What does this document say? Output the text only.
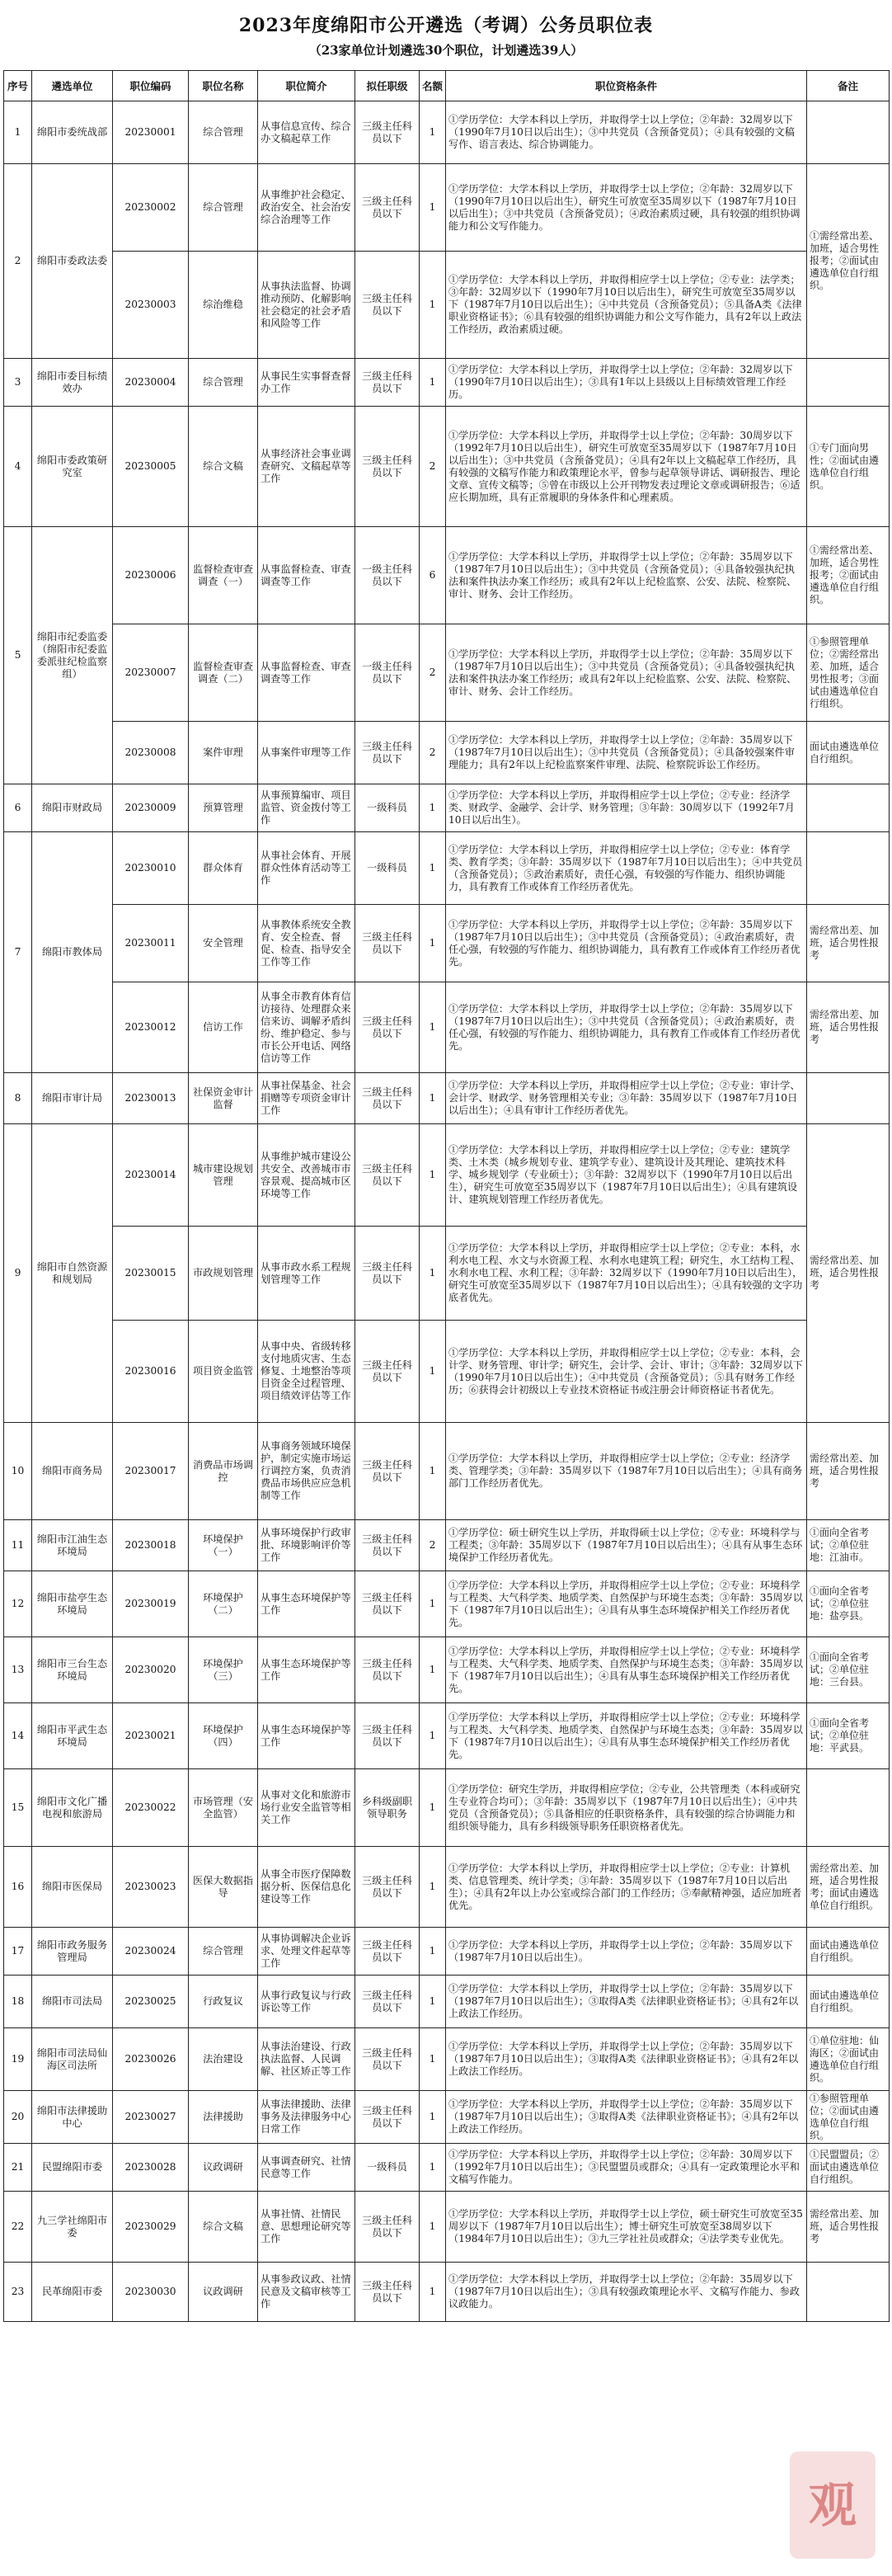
2023年度绵阳市公开遴选（考调）公务员职位表
（23家单位计划遴选30个职位，计划遴选39人）
序号	遴选单位	职位编码	职位名称	职位简介	拟任职级	名额	职位资格条件	备注
1	绵阳市委统战部	20230001	综合管理	从事信息宣传、综合办文稿起草工作	三级主任科员以下	1	①学历学位：大学本科以上学历，并取得学士以上学位；②年龄：32周岁以下（1990年7月10日以后出生）；③中共党员（含预备党员）；④具有较强的文稿写作、语言表达、综合协调能力。	
2	绵阳市委政法委	20230002	综合管理	从事维护社会稳定、政治安全、社会治安综合治理等工作	三级主任科员以下	1	①学历学位：大学本科以上学历，并取得学士以上学位；②年龄：32周岁以下（1990年7月10日以后出生），研究生可放宽至35周岁以下（1987年7月10日以后出生）；③中共党员（含预备党员）；④政治素质过硬，具有较强的组织协调能力和公文写作能力。	①需经常出差、加班，适合男性报考；②面试由遴选单位自行组织。
		20230003	综治维稳	从事执法监督、协调推动预防、化解影响社会稳定的社会矛盾和风险等工作	三级主任科员以下	1	①学历学位：大学本科以上学历，并取得相应学士以上学位；②专业：法学类；③年龄：32周岁以下（1990年7月10日以后出生），研究生可放宽至35周岁以下（1987年7月10日以后出生）；④中共党员（含预备党员）；⑤具备A类《法律职业资格证书》；⑥具有较强的组织协调能力和公文写作能力，具有2年以上政法工作经历，政治素质过硬。	
3	绵阳市委目标绩效办	20230004	综合管理	从事民生实事督查督办工作	三级主任科员以下	1	①学历学位：大学本科以上学历，并取得学士以上学位；②年龄：32周岁以下（1990年7月10日以后出生）；③具有1年以上县级以上目标绩效管理工作经历。	
4	绵阳市委政策研究室	20230005	综合文稿	从事经济社会事业调查研究、文稿起草等工作	三级主任科员以下	2	①学历学位：大学本科以上学历，并取得学士以上学位；②年龄：30周岁以下（1992年7月10日以后出生），研究生可放宽至35周岁以下（1987年7月10日以后出生）；③中共党员（含预备党员）；④具有2年以上文稿起草工作经历，具有较强的文稿写作能力和政策理论水平，曾参与起草领导讲话、调研报告、理论文章、宣传文稿等；⑤曾在市级以上公开刊物发表过理论文章或调研报告；⑥适应长期加班，具有正常履职的身体条件和心理素质。	①专门面向男性；②面试由遴选单位自行组织。
5	绵阳市纪委监委（绵阳市纪委监委派驻纪检监察组）	20230006	监督检查审查调查（一）	从事监督检查、审查调查等工作	一级主任科员以下	6	①学历学位：大学本科以上学历，并取得学士以上学位；②年龄：35周岁以下（1987年7月10日以后出生）；③中共党员（含预备党员）；④具备较强执纪执法和案件执法办案工作经历；或具有2年以上纪检监察、公安、法院、检察院、审计、财务、会计工作经历。	①需经常出差、加班，适合男性报考；②面试由遴选单位自行组织。
		20230007	监督检查审查调查（二）	从事监督检查、审查调查等工作	一级主任科员以下	2	①学历学位：大学本科以上学历，并取得学士以上学位；②年龄：35周岁以下（1987年7月10日以后出生）；③中共党员（含预备党员）；④具备较强执纪执法和案件执法办案工作经历；或具有2年以上纪检监察、公安、法院、检察院、审计、财务、会计工作经历。	①参照管理单位；②需经常出差、加班，适合男性报考；③面试由遴选单位自行组织。
		20230008	案件审理	从事案件审理等工作	三级主任科员以下	2	①学历学位：大学本科以上学历，并取得学士以上学位；②年龄：35周岁以下（1987年7月10日以后出生）；③中共党员（含预备党员）；④具备较强案件审理能力；具有2年以上纪检监察案件审理、法院、检察院诉讼工作经历。	面试由遴选单位自行组织。
6	绵阳市财政局	20230009	预算管理	从事预算编审、项目监管、资金拨付等工作	一级科员	1	①学历学位：大学本科以上学历，并取得相应学士以上学位；②专业：经济学类、财政学、金融学、会计学、财务管理；③年龄：30周岁以下（1992年7月10日以后出生）。	
7	绵阳市教体局	20230010	群众体育	从事社会体育、开展群众性体育活动等工作	一级科员	1	①学历学位：大学本科以上学历，并取得相应学士以上学位；②专业：体育学类、教育学类；③年龄：35周岁以下（1987年7月10日以后出生）；④中共党员（含预备党员）；⑤政治素质好，责任心强，有较强的写作能力、组织协调能力，具有教育工作或体育工作经历者优先。	
		20230011	安全管理	从事教体系统安全教育、安全检查、督促、检查、指导安全工作等工作	三级主任科员以下	1	①学历学位：大学本科以上学历，并取得学士以上学位；②年龄：35周岁以下（1987年7月10日以后出生）；③中共党员（含预备党员）；④政治素质好，责任心强，有较强的写作能力、组织协调能力，具有教育工作或体育工作经历者优先。	需经常出差、加班，适合男性报考
		20230012	信访工作	从事全市教育体育信访接待、处理群众来信来访、调解矛盾纠纷、维护稳定、参与市长公开电话、网络信访等工作	三级主任科员以下	1	①学历学位：大学本科以上学历，并取得学士以上学位；②年龄：35周岁以下（1987年7月10日以后出生）；③中共党员（含预备党员）；④政治素质好，责任心强，有较强的写作能力、组织协调能力，具有教育工作或体育工作经历者优先。	需经常出差、加班，适合男性报考
8	绵阳市审计局	20230013	社保资金审计监督	从事社保基金、社会捐赠等专项资金审计工作	三级主任科员以下	1	①学历学位：大学本科以上学历，并取得相应学士以上学位；②专业：审计学、会计学、财政学、财务管理相关专业；③年龄：35周岁以下（1987年7月10日以后出生）；④具有审计工作经历者优先。	
9	绵阳市自然资源和规划局	20230014	城市建设规划管理	从事维护城市建设公共安全、改善城市市容景观、提高城市区环境等工作	三级主任科员以下	1	①学历学位：大学本科以上学历，并取得相应学士以上学位；②专业：建筑学类、土木类（城乡规划专业、建筑学专业）、建筑设计及其理论、建筑技术科学、城乡规划学（专业硕士）；③年龄：32周岁以下（1990年7月10日以后出生），研究生可放宽至35周岁以下（1987年7月10日以后出生）；④具有建筑设计、建筑规划管理工作经历者优先。	需经常出差、加班，适合男性报考
		20230015	市政规划管理	从事市政水系工程规划管理等工作	三级主任科员以下	1	①学历学位：大学本科以上学历，并取得相应学士以上学位；②专业：本科，水利水电工程、水文与水资源工程、水利水电建筑工程；研究生，水工结构工程、水利水电工程、水利工程；③年龄：32周岁以下（1990年7月10日以后出生），研究生可放宽至35周岁以下（1987年7月10日以后出生）；④具有较强的文字功底者优先。	
		20230016	项目资金监管	从事中央、省级转移支付地质灾害、生态修复、土地整治等项目资金全过程管理、项目绩效评估等工作	三级主任科员以下	1	①学历学位：大学本科以上学历，并取得相应学士以上学位；②专业：本科，会计学、财务管理、审计学；研究生，会计学、会计、审计；③年龄：32周岁以下（1990年7月10日以后出生）；④中共党员（含预备党员）；⑤具有财务工作经历；⑥获得会计初级以上专业技术资格证书或注册会计师资格证书者优先。	
10	绵阳市商务局	20230017	消费品市场调控	从事商务领域环境保护，制定实施市场运行调控方案，负责消费品市场供应应急机制等工作	三级主任科员以下	1	①学历学位：大学本科以上学历，并取得相应学士以上学位；②专业：经济学类、管理学类；③年龄：35周岁以下（1987年7月10日以后出生）；④具有商务部门工作经历者优先。	需经常出差、加班，适合男性报考
11	绵阳市江油生态环境局	20230018	环境保护（一）	从事环境保护行政审批、环境影响评价等工作	三级主任科员以下	2	①学历学位：硕士研究生以上学历，并取得硕士以上学位；②专业：环境科学与工程类；③年龄：35周岁以下（1987年7月10日以后出生）；④具有从事生态环境保护工作经历者优先。	①面向全省考试；②单位驻地：江油市。
12	绵阳市盐亭生态环境局	20230019	环境保护（二）	从事生态环境保护等工作	三级主任科员以下	1	①学历学位：大学本科以上学历，并取得相应学士以上学位；②专业：环境科学与工程类、大气科学类、地质学类、自然保护与环境生态类；③年龄：35周岁以下（1987年7月10日以后出生）；④具有从事生态环境保护相关工作经历者优先。	①面向全省考试；②单位驻地：盐亭县。
13	绵阳市三台生态环境局	20230020	环境保护（三）	从事生态环境保护等工作	三级主任科员以下	1	①学历学位：大学本科以上学历，并取得相应学士以上学位；②专业：环境科学与工程类、大气科学类、地质学类、自然保护与环境生态类；③年龄：35周岁以下（1987年7月10日以后出生）；④具有从事生态环境保护相关工作经历者优先。	①面向全省考试；②单位驻地：三台县。
14	绵阳市平武生态环境局	20230021	环境保护（四）	从事生态环境保护等工作	三级主任科员以下	1	①学历学位：大学本科以上学历，并取得相应学士以上学位；②专业：环境科学与工程类、大气科学类、地质学类、自然保护与环境生态类；③年龄：35周岁以下（1987年7月10日以后出生）；④具有从事生态环境保护相关工作经历者优先。	①面向全省考试；②单位驻地：平武县。
15	绵阳市文化广播电视和旅游局	20230022	市场管理（安全监管）	从事对文化和旅游市场行业安全监管等相关工作	乡科级副职领导职务	1	①学历学位：研究生学历，并取得相应学位；②专业，公共管理类（本科或研究生专业符合均可）；③年龄：35周岁以下（1987年7月10日以后出生）；④中共党员（含预备党员）；⑤具备相应的任职资格条件，具有较强的综合协调能力和组织领导能力，具有乡科级领导职务任职资格者优先。	
16	绵阳市医保局	20230023	医保大数据指导	从事全市医疗保障数据分析、医保信息化建设等工作	三级主任科员以下	1	①学历学位：大学本科以上学历，并取得相应学士以上学位；②专业：计算机类、信息管理类、统计学类；③年龄：35周岁以下（1987年7月10日以后出生）；④具有2年以上办公室或综合部门的工作经历；⑤奉献精神强，适应加班者优先。	需经常出差、加班，适合男性报考；面试由遴选单位自行组织。
17	绵阳市政务服务管理局	20230024	综合管理	从事协调解决企业诉求、处理文件起草等工作	三级主任科员以下	1	①学历学位：大学本科以上学历，并取得学士以上学位；②年龄：35周岁以下（1987年7月10日以后出生）。	面试由遴选单位自行组织。
18	绵阳市司法局	20230025	行政复议	从事行政复议与行政诉讼等工作	三级主任科员以下	1	①学历学位：大学本科以上学历，并取得学士以上学位；②年龄：35周岁以下（1987年7月10日以后出生）；③取得A类《法律职业资格证书》；④具有2年以上政法工作经历。	面试由遴选单位自行组织。
19	绵阳市司法局仙海区司法所	20230026	法治建设	从事法治建设、行政执法监督、人民调解、社区矫正等工作	三级主任科员以下	1	①学历学位：大学本科以上学历，并取得学士以上学位；②年龄：35周岁以下（1987年7月10日以后出生）；③取得A类《法律职业资格证书》；④具有2年以上政法工作经历。	①单位驻地：仙海区；②面试由遴选单位自行组织。
20	绵阳市法律援助中心	20230027	法律援助	从事法律援助、法律事务及法律服务中心日常工作	三级主任科员以下	1	①学历学位：大学本科以上学历，并取得学士以上学位；②年龄：35周岁以下（1987年7月10日以后出生）；③取得A类《法律职业资格证书》；④具有2年以上政法工作经历。	①参照管理单位；②面试由遴选单位自行组织。
21	民盟绵阳市委	20230028	议政调研	从事调查研究、社情民意等工作	一级科员	1	①学历学位：大学本科以上学历，并取得学士以上学位；②年龄：30周岁以下（1992年7月10日以后出生）；③民盟盟员或群众；④具有一定政策理论水平和文稿写作能力。	①民盟盟员；②面试由遴选单位自行组织。
22	九三学社绵阳市委	20230029	综合文稿	从事社情、社情民意、思想理论研究等工作	三级主任科员以下	1	①学历学位：大学本科以上学历，并取得学士以上学位，硕士研究生可放宽至35周岁以下（1987年7月10日以后出生）；博士研究生可放宽至38周岁以下（1984年7月10日以后出生）；③九三学社社员或群众；④法学类专业优先。	需经常出差、加班，适合男性报考
23	民革绵阳市委	20230030	议政调研	从事参政议政、社情民意及文稿审核等工作	三级主任科员以下	1	①学历学位：大学本科以上学历，并取得学士以上学位；②年龄：35周岁以下（1987年7月10日以后出生）；③具有较强政策理论水平、文稿写作能力、参政议政能力。	
观
